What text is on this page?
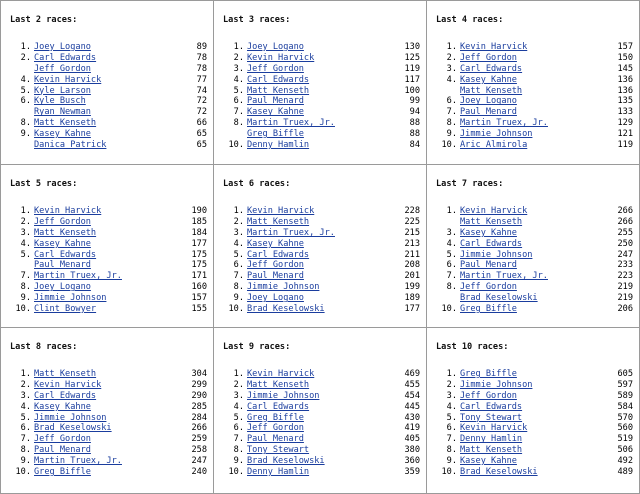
Last 2 races:
1. Joey Logano	89
2. Carl Edwards	78
Jeff Gordon	78
4. Kevin Harvick	77
5. Kyle Larson	74
6. Kyle Busch	72
Ryan Newman	72
8. Matt Kenseth	66
9. Kasey Kahne	65
Danica Patrick	65
Last 3 races:
1. Joey Logano	130
2. Kevin Harvick	125
3. Jeff Gordon	119
4. Carl Edwards	117
5. Matt Kenseth	100
6. Paul Menard	99
7. Kasey Kahne	94
8. Martin Truex, Jr.	88
Greg Biffle	88
10. Denny Hamlin	84
Last 4 races:
1. Kevin Harvick	157
2. Jeff Gordon	150
3. Carl Edwards	145
4. Kasey Kahne	136
Matt Kenseth	136
6. Joey Logano	135
7. Paul Menard	133
8. Martin Truex, Jr.	129
9. Jimmie Johnson	121
10. Aric Almirola	119
Last 5 races:
1. Kevin Harvick	190
2. Jeff Gordon	185
3. Matt Kenseth	184
4. Kasey Kahne	177
5. Carl Edwards	175
Paul Menard	175
7. Martin Truex, Jr.	171
8. Joey Logano	160
9. Jimmie Johnson	157
10. Clint Bowyer	155
Last 6 races:
1. Kevin Harvick	228
2. Matt Kenseth	225
3. Martin Truex, Jr.	215
4. Kasey Kahne	213
5. Carl Edwards	211
6. Jeff Gordon	208
7. Paul Menard	201
8. Jimmie Johnson	199
9. Joey Logano	189
10. Brad Keselowski	177
Last 7 races:
1. Kevin Harvick	266
Matt Kenseth	266
3. Kasey Kahne	255
4. Carl Edwards	250
5. Jimmie Johnson	247
6. Paul Menard	233
7. Martin Truex, Jr.	223
8. Jeff Gordon	219
Brad Keselowski	219
10. Greg Biffle	206
Last 8 races:
1. Matt Kenseth	304
2. Kevin Harvick	299
3. Carl Edwards	290
4. Kasey Kahne	285
5. Jimmie Johnson	284
6. Brad Keselowski	266
7. Jeff Gordon	259
8. Paul Menard	258
9. Martin Truex, Jr.	247
10. Greg Biffle	240
Last 9 races:
1. Kevin Harvick	469
2. Matt Kenseth	455
3. Jimmie Johnson	454
4. Carl Edwards	445
5. Greg Biffle	430
6. Jeff Gordon	419
7. Paul Menard	405
8. Tony Stewart	380
9. Brad Keselowski	360
10. Denny Hamlin	359
Last 10 races:
1. Greg Biffle	605
2. Jimmie Johnson	597
3. Jeff Gordon	589
4. Carl Edwards	584
5. Tony Stewart	570
6. Kevin Harvick	560
7. Denny Hamlin	519
8. Matt Kenseth	506
9. Kasey Kahne	492
10. Brad Keselowski	489
